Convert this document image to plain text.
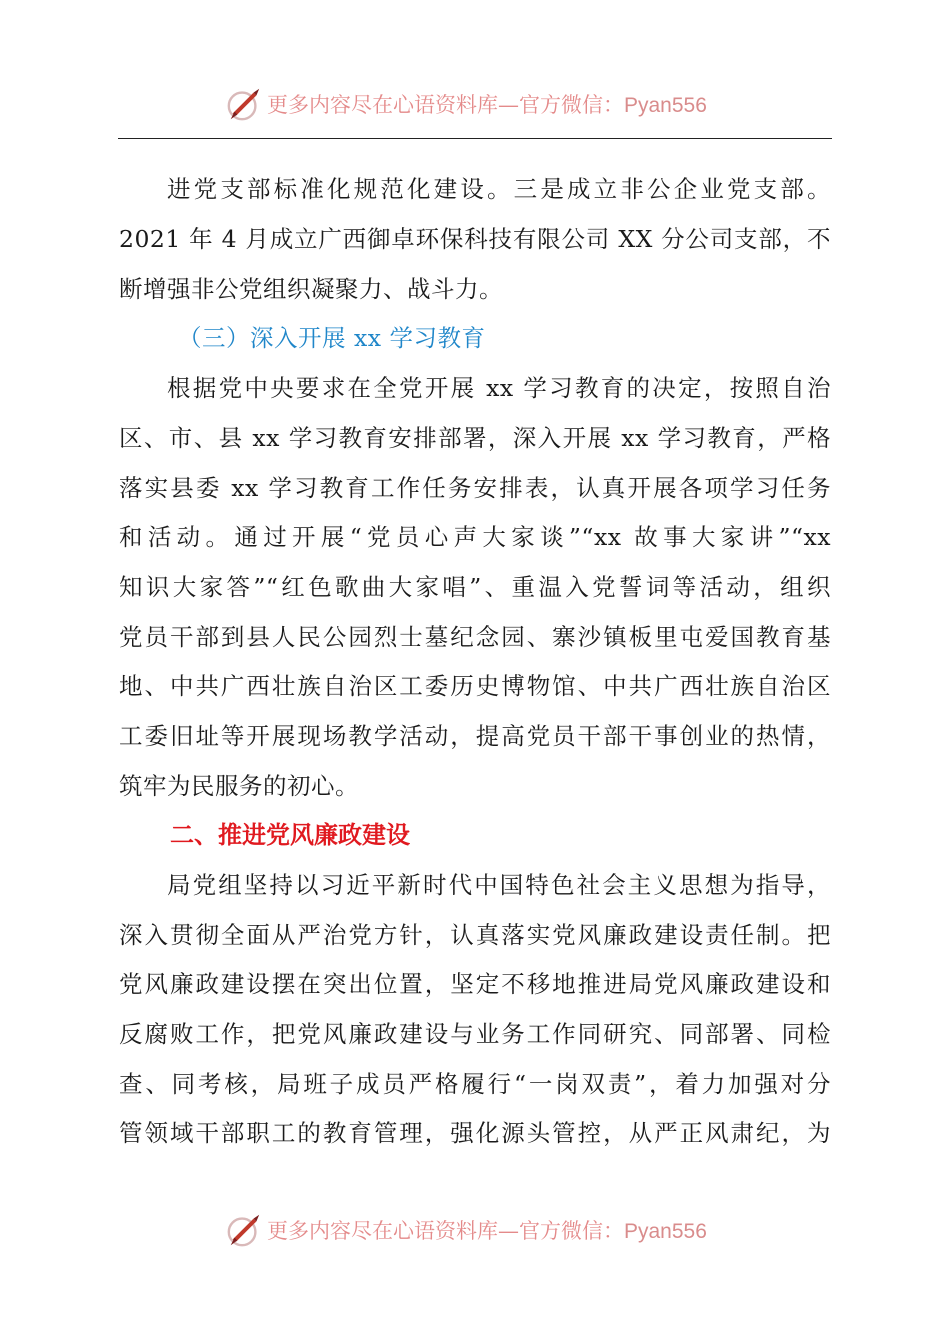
更多内容尽在心语资料库—官方微信：Pyan556
进党支部标准化规范化建设。三是成立非公企业党支部。
2021 年 4 月成立广西御卓环保科技有限公司 XX 分公司支部，不
断增强非公党组织凝聚力、战斗力。
（三）深入开展 xx 学习教育
根据党中央要求在全党开展 xx 学习教育的决定，按照自治
区、市、县 xx 学习教育安排部署，深入开展 xx 学习教育，严格
落实县委 xx 学习教育工作任务安排表，认真开展各项学习任务
和活动。通过开展“党员心声大家谈”“xx 故事大家讲”“xx
知识大家答”“红色歌曲大家唱”、重温入党誓词等活动，组织
党员干部到县人民公园烈士墓纪念园、寨沙镇板里屯爱国教育基
地、中共广西壮族自治区工委历史博物馆、中共广西壮族自治区
工委旧址等开展现场教学活动，提高党员干部干事创业的热情，
筑牢为民服务的初心。
二、推进党风廉政建设
局党组坚持以习近平新时代中国特色社会主义思想为指导，
深入贯彻全面从严治党方针，认真落实党风廉政建设责任制。把
党风廉政建设摆在突出位置，坚定不移地推进局党风廉政建设和
反腐败工作，把党风廉政建设与业务工作同研究、同部署、同检
查、同考核，局班子成员严格履行“一岗双责”，着力加强对分
管领域干部职工的教育管理，强化源头管控，从严正风肃纪，为
更多内容尽在心语资料库—官方微信：Pyan556
